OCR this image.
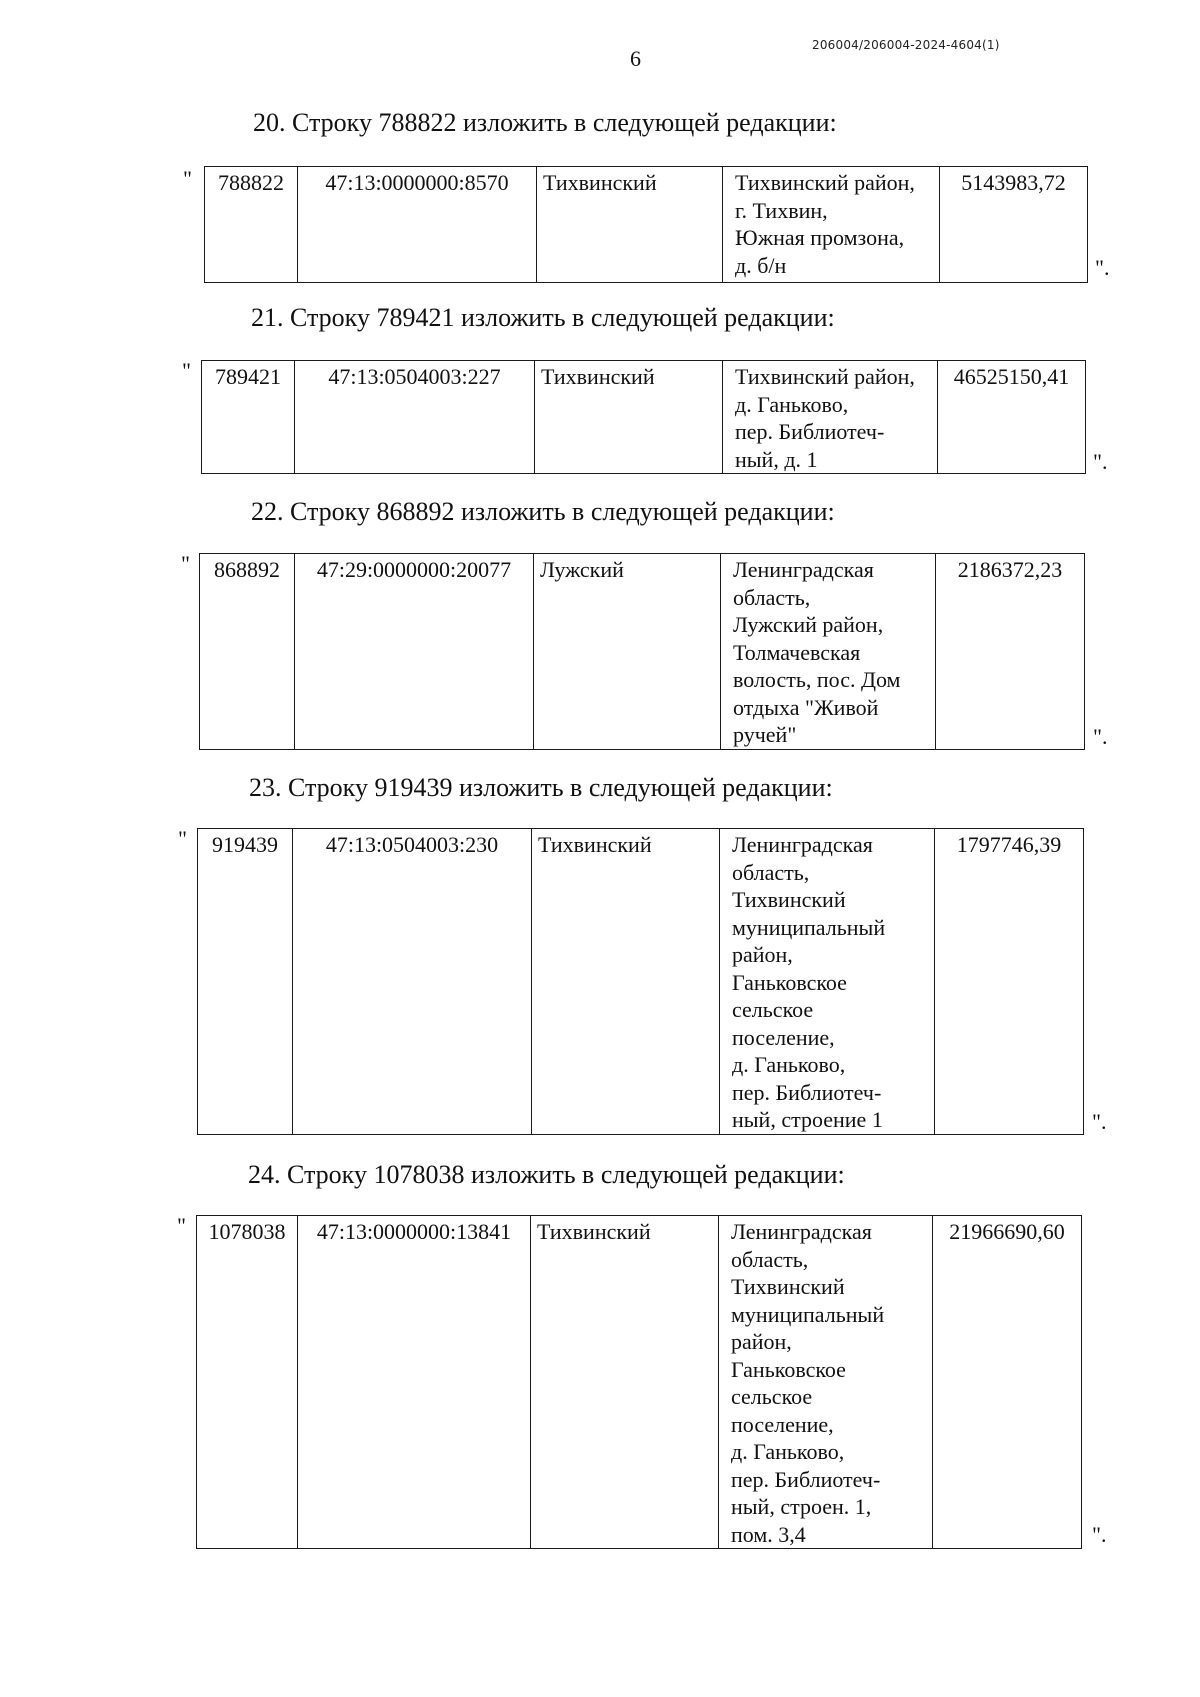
206004/206004-2024-4604(1)
6
20. Строку 788822 изложить в следующей редакции:
" 788822	47:13:0000000:8570	Тихвинский	Тихвинский район,
г. Тихвин,
Южная промзона,
д. б/н
	5143983,72
".
21. Строку 789421 изложить в следующей редакции:
" 789421	47:13:0504003:227	Тихвинский	Тихвинский район,
д. Ганьково,
пер. Библиотеч-
ный, д. 1
	46525150,41
".
22. Строку 868892 изложить в следующей редакции:
" 868892	47:29:0000000:20077	Лужский	Ленинградская
область,
Лужский район,
Толмачевская
волость, пос. Дом
отдыха "Живой
ручей"
	2186372,23
".
23. Строку 919439 изложить в следующей редакции:
" 919439	47:13:0504003:230	Тихвинский	Ленинградская
область,
Тихвинский
муниципальный
район,
Ганьковское
сельское
поселение,
д. Ганьково,
пер. Библиотеч-
ный, строение 1
	1797746,39
".
24. Строку 1078038 изложить в следующей редакции:
" 1078038	47:13:0000000:13841	Тихвинский	Ленинградская
область,
Тихвинский
муниципальный
район,
Ганьковское
сельское
поселение,
д. Ганьково,
пер. Библиотеч-
ный, строен. 1,
пом. 3,4
	21966690,60
".
